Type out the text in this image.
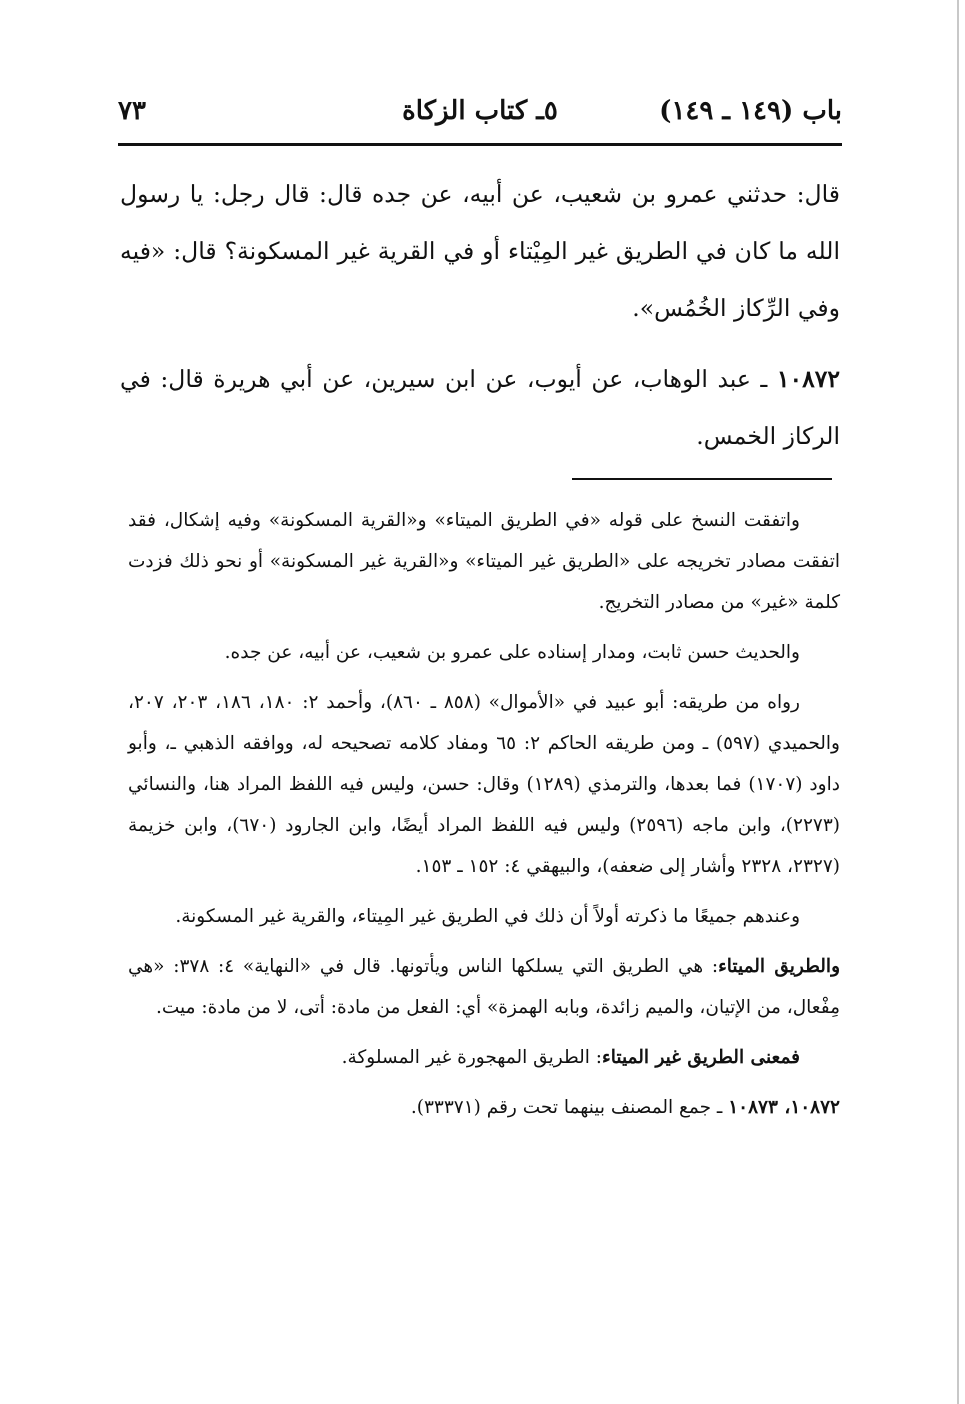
باب (١٤٩ ـ ١٤٩)
٥ـ كتاب الزكاة
٧٣

قال: حدثني عمرو بن شعيب، عن أبيه، عن جده قال: قال رجل: يا رسول الله ما كان في الطريق غير المِيْتاء أو في القرية غير المسكونة؟ قال: «فيه وفي الرِّكاز الخُمُس».

١٠٨٧٢ ـ عبد الوهاب، عن أيوب، عن ابن سيرين، عن أبي هريرة قال: في الركاز الخمس.

واتفقت النسخ على قوله «في الطريق الميتاء» و«القرية المسكونة» وفيه إشكال، فقد اتفقت مصادر تخريجه على «الطريق غير الميتاء» و«القرية غير المسكونة» أو نحو ذلك فزدت كلمة «غير» من مصادر التخريج.

والحديث حسن ثابت، ومدار إسناده على عمرو بن شعيب، عن أبيه، عن جده.

رواه من طريقه: أبو عبيد في «الأموال» (٨٥٨ ـ ٨٦٠)، وأحمد ٢: ١٨٠، ١٨٦، ٢٠٣، ٢٠٧، والحميدي (٥٩٧) ـ ومن طريقه الحاكم ٢: ٦٥ ومفاد كلامه تصحيحه له، ووافقه الذهبي ـ، وأبو داود (١٧٠٧) فما بعدها، والترمذي (١٢٨٩) وقال: حسن، وليس فيه اللفظ المراد هنا، والنسائي (٢٢٧٣)، وابن ماجه (٢٥٩٦) وليس فيه اللفظ المراد أيضًا، وابن الجارود (٦٧٠)، وابن خزيمة (٢٣٢٧، ٢٣٢٨ وأشار إلى ضعفه)، والبيهقي ٤: ١٥٢ ـ ١٥٣.

وعندهم جميعًا ما ذكرته أولاً أن ذلك في الطريق غير المِيتاء، والقرية غير المسكونة.

والطريق الميتاء: هي الطريق التي يسلكها الناس ويأتونها. قال في «النهاية» ٤: ٣٧٨: «هي مِفْعال، من الإتيان، والميم زائدة، وبابه الهمزة» أي: الفعل من مادة: أتى، لا من مادة: ميت.

فمعنى الطريق غير الميتاء: الطريق المهجورة غير المسلوكة.

١٠٨٧٢، ١٠٨٧٣ ـ جمع المصنف بينهما تحت رقم (٣٣٣٧١).
